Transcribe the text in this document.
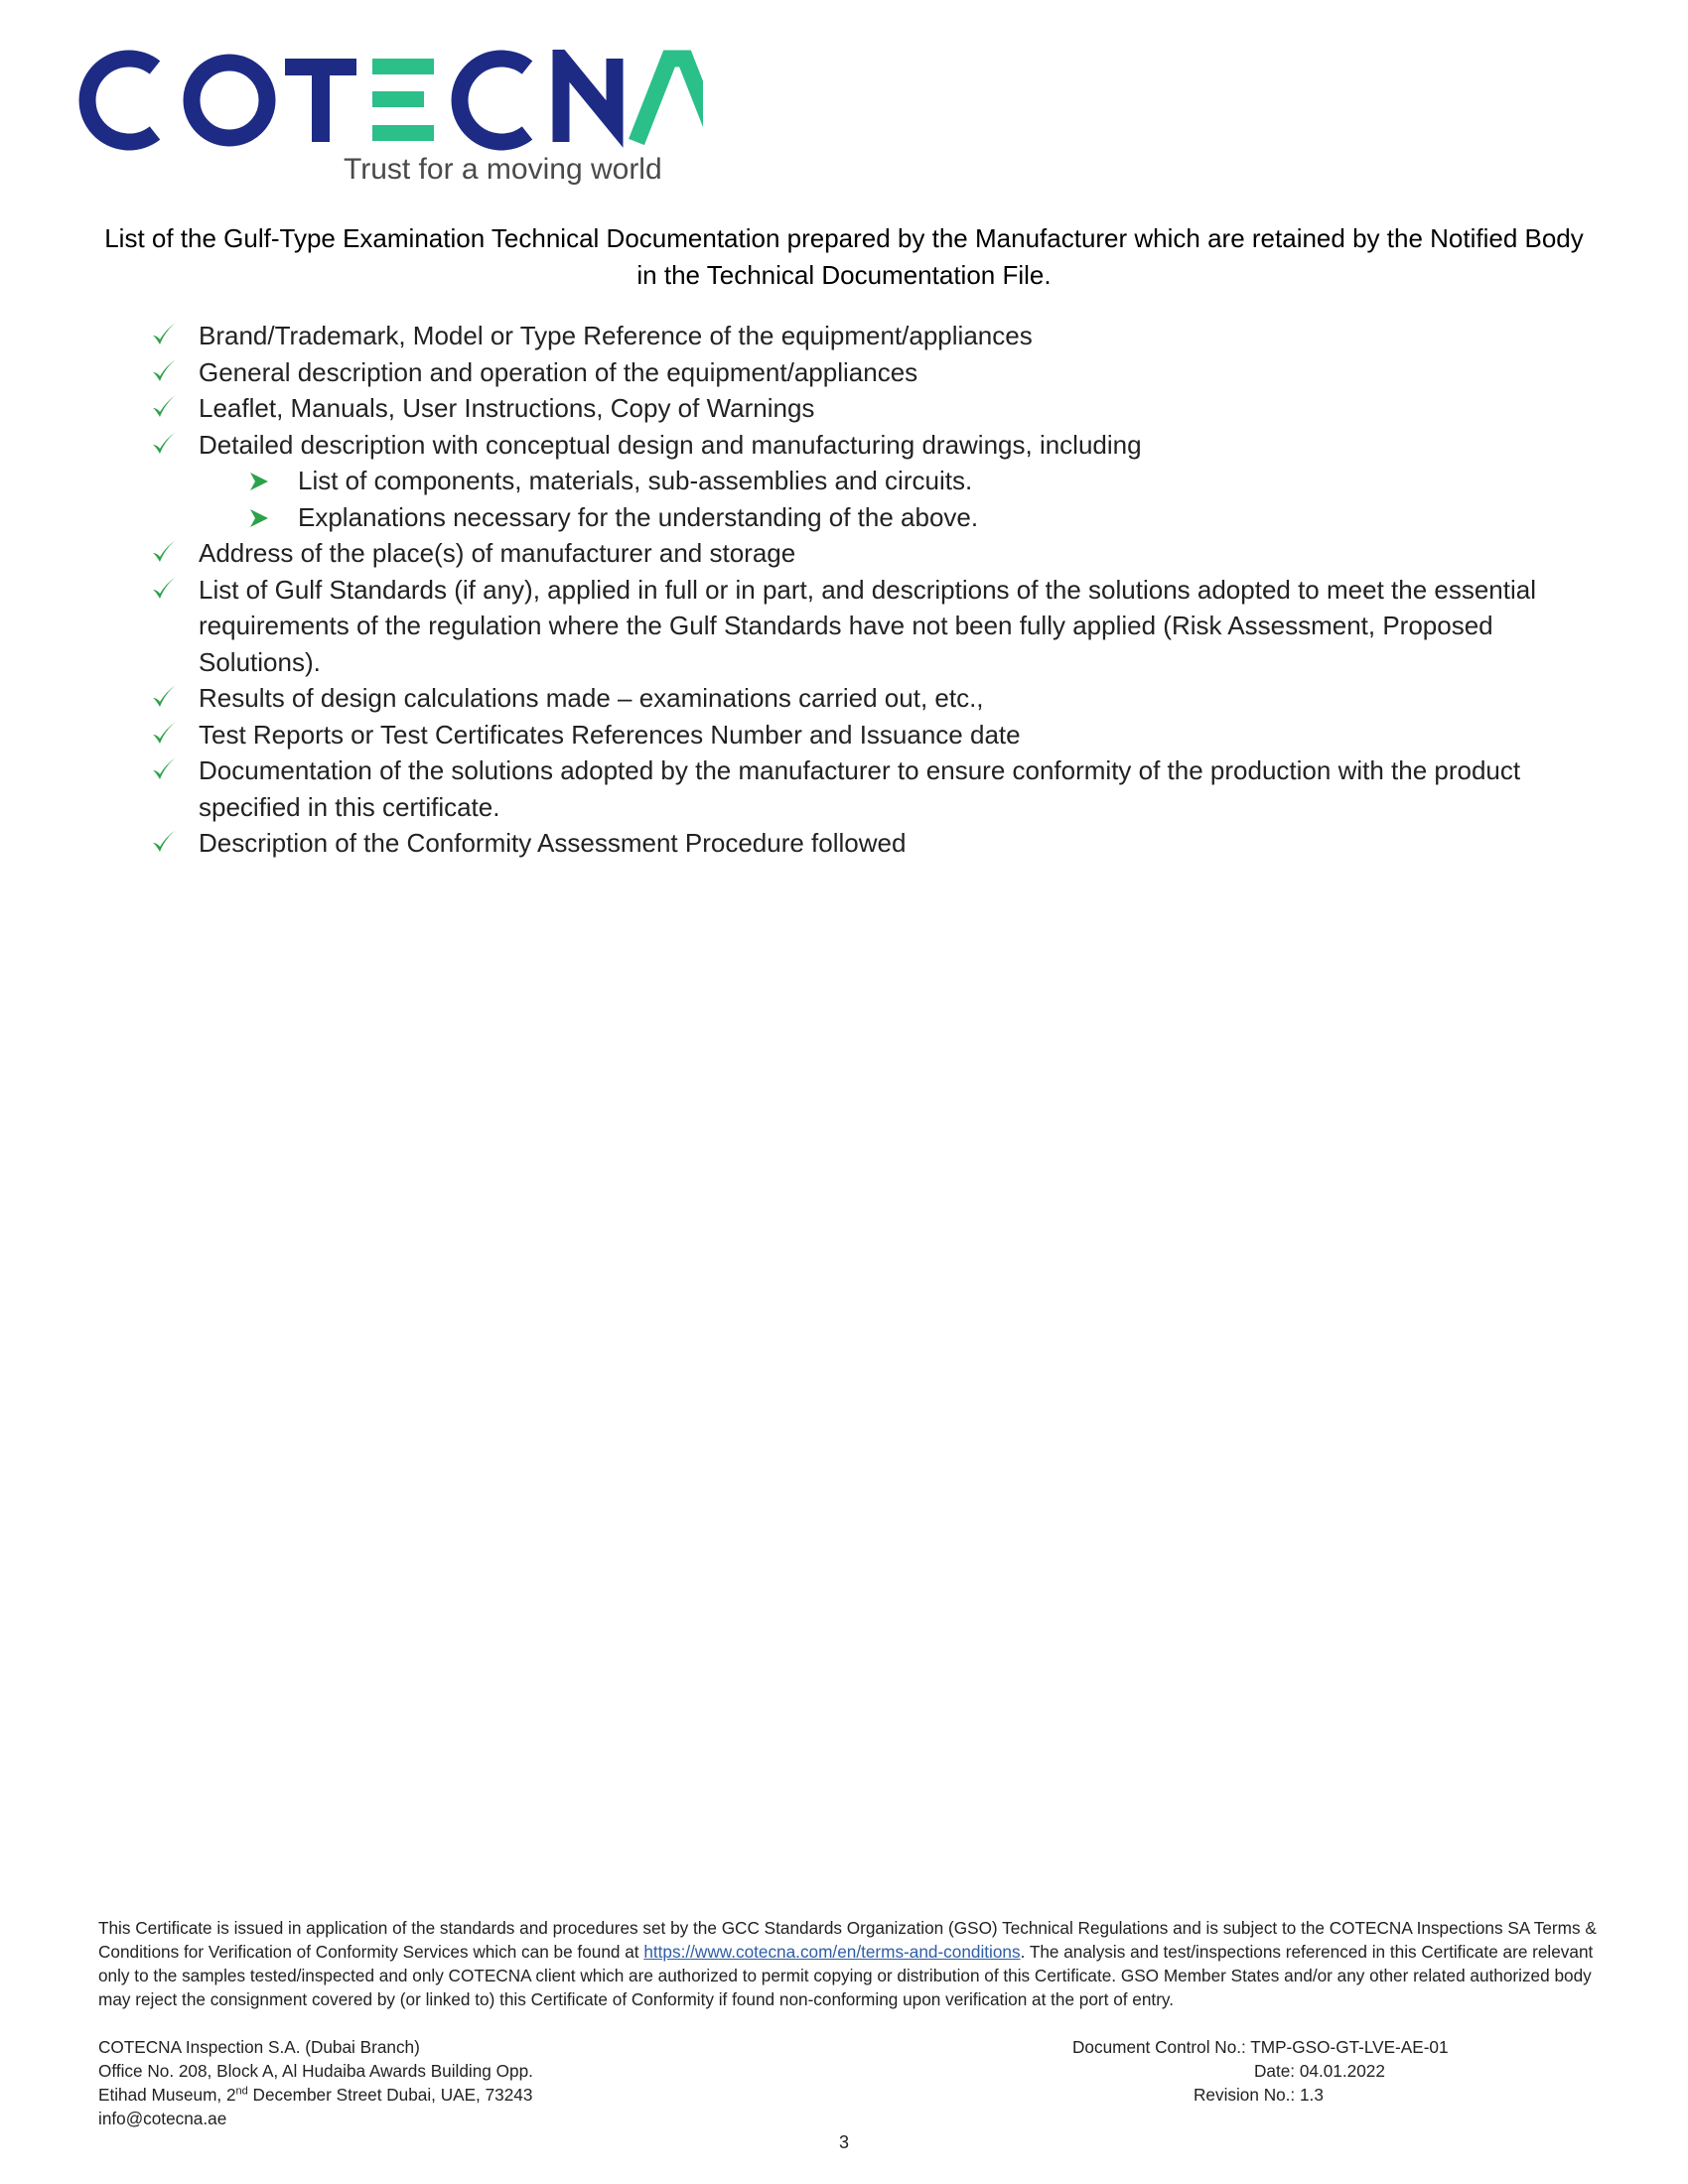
Trust for a moving world
List of the Gulf-Type Examination Technical Documentation prepared by the Manufacturer which are retained by the Notified Body in the Technical Documentation File.
Brand/Trademark, Model or Type Reference of the equipment/appliances
General description and operation of the equipment/appliances
Leaflet, Manuals, User Instructions, Copy of Warnings
Detailed description with conceptual design and manufacturing drawings, including
List of components, materials, sub-assemblies and circuits.
Explanations necessary for the understanding of the above.
Address of the place(s) of manufacturer and storage
List of Gulf Standards (if any), applied in full or in part, and descriptions of the solutions adopted to meet the essential requirements of the regulation where the Gulf Standards have not been fully applied (Risk Assessment, Proposed Solutions).
Results of design calculations made – examinations carried out, etc.,
Test Reports or Test Certificates References Number and Issuance date
Documentation of the solutions adopted by the manufacturer to ensure conformity of the production with the product specified in this certificate.
Description of the Conformity Assessment Procedure followed
This Certificate is issued in application of the standards and procedures set by the GCC Standards Organization (GSO) Technical Regulations and is subject to the COTECNA Inspections SA Terms & Conditions for Verification of Conformity Services which can be found at https://www.cotecna.com/en/terms-and-conditions. The analysis and test/inspections referenced in this Certificate are relevant only to the samples tested/inspected and only COTECNA client which are authorized to permit copying or distribution of this Certificate. GSO Member States and/or any other related authorized body may reject the consignment covered by (or linked to) this Certificate of Conformity if found non-conforming upon verification at the port of entry.
COTECNA Inspection S.A. (Dubai Branch)
Office No. 208, Block A, Al Hudaiba Awards Building Opp.
Etihad Museum, 2nd December Street Dubai, UAE, 73243
info@cotecna.ae
Document Control No.: TMP-GSO-GT-LVE-AE-01
Date: 04.01.2022
Revision No.: 1.3
3
